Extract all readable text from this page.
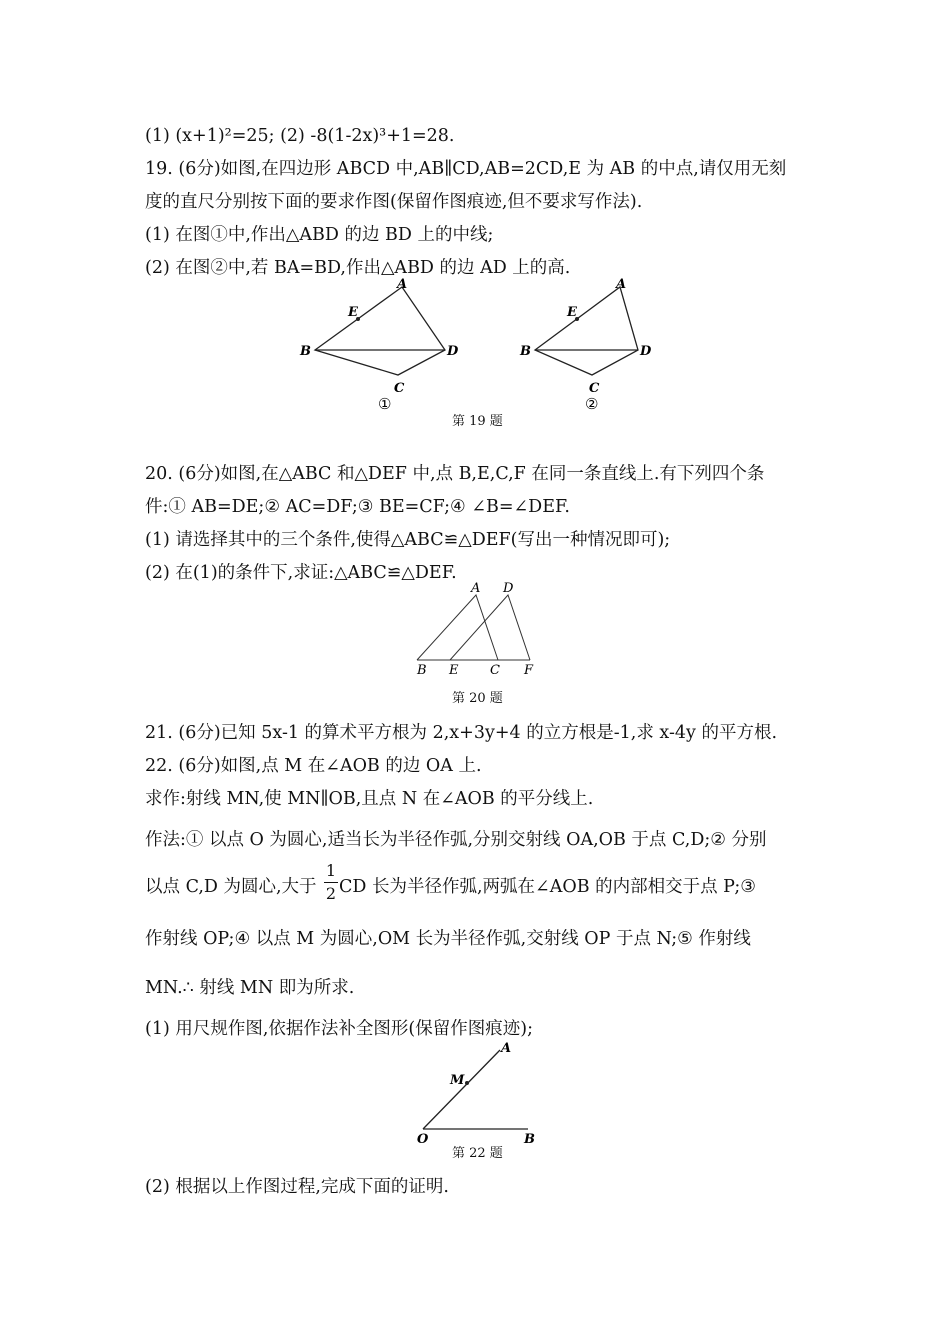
(1) (x+1)²=25; (2) -8(1-2x)³+1=28.
19. (6分)如图,在四边形 ABCD 中,AB∥CD,AB=2CD,E 为 AB 的中点,请仅用无刻
度的直尺分别按下面的要求作图(保留作图痕迹,但不要求写作法).
(1) 在图①中,作出△ABD 的边 BD 上的中线;
(2) 在图②中,若 BA=BD,作出△ABD 的边 AD 上的高.
A
B
C
D
E
①
A
B
C
D
E
②
第 19 题
20. (6分)如图,在△ABC 和△DEF 中,点 B,E,C,F 在同一条直线上.有下列四个条
件:① AB=DE;② AC=DF;③ BE=CF;④ ∠B=∠DEF.
(1) 请选择其中的三个条件,使得△ABC≌△DEF(写出一种情况即可);
(2) 在(1)的条件下,求证:△ABC≌△DEF.
A D
B E C F
第 20 题
21. (6分)已知 5x-1 的算术平方根为 2,x+3y+4 的立方根是-1,求 x-4y 的平方根.
22. (6分)如图,点 M 在∠AOB 的边 OA 上.
求作:射线 MN,使 MN∥OB,且点 N 在∠AOB 的平分线上.
作法:① 以点 O 为圆心,适当长为半径作弧,分别交射线 OA,OB 于点 C,D;② 分别
以点 C,D 为圆心,大于
1
2 CD 长为半径作弧,两弧在∠AOB 的内部相交于点 P;③
作射线 OP;④ 以点 M 为圆心,OM 长为半径作弧,交射线 OP 于点 N;⑤ 作射线
MN.∴ 射线 MN 即为所求.
(1) 用尺规作图,依据作法补全图形(保留作图痕迹);
A
M
O	B
第 22 题
(2) 根据以上作图过程,完成下面的证明.
